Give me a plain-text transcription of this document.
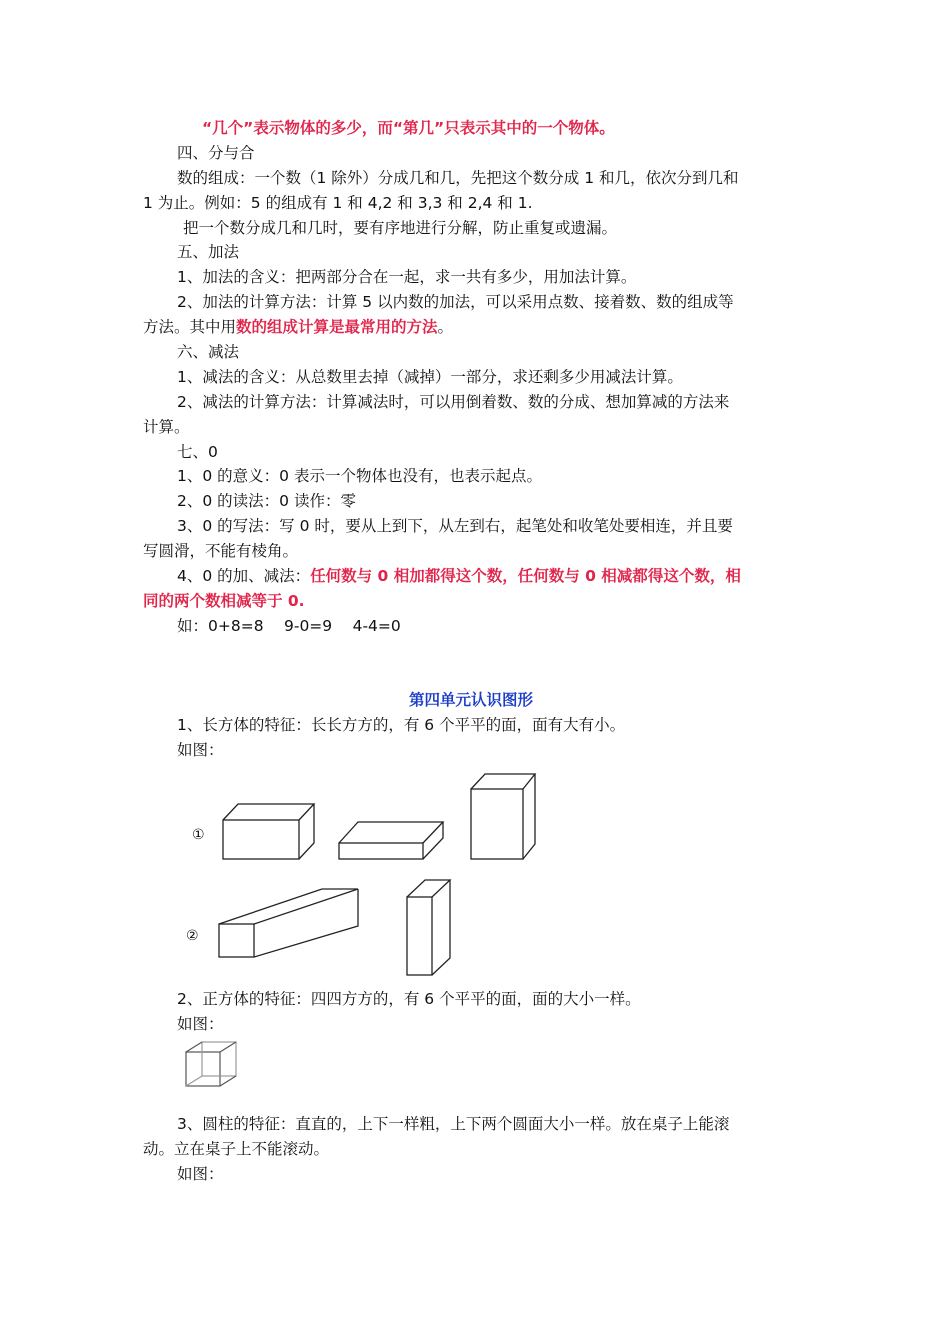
“几个”表示物体的多少，而“第几”只表示其中的一个物体。
四、分与合
数的组成：一个数（1 除外）分成几和几，先把这个数分成 1 和几，依次分到几和
1 为止。例如：5 的组成有 1 和 4,2 和 3,3 和 2,4 和 1.
把一个数分成几和几时，要有序地进行分解，防止重复或遗漏。
五、加法
1、加法的含义：把两部分合在一起，求一共有多少，用加法计算。
2、加法的计算方法：计算 5 以内数的加法，可以采用点数、接着数、数的组成等
方法。其中用数的组成计算是最常用的方法。
六、减法
1、减法的含义：从总数里去掉（减掉）一部分，求还剩多少用减法计算。
2、减法的计算方法：计算减法时，可以用倒着数、数的分成、想加算减的方法来
计算。
七、0
1、0 的意义：0 表示一个物体也没有，也表示起点。
2、0 的读法：0 读作：零
3、0 的写法：写 0 时，要从上到下，从左到右，起笔处和收笔处要相连，并且要
写圆滑，不能有棱角。
4、0 的加、减法：任何数与 0 相加都得这个数，任何数与 0 相减都得这个数，相
同的两个数相减等于 0.
如：0+8=8　 9-0=9　 4-4=0
第四单元认识图形
1、长方体的特征：长长方方的，有 6 个平平的面，面有大有小。
如图：
①
②
2、正方体的特征：四四方方的，有 6 个平平的面，面的大小一样。
如图：
3、圆柱的特征：直直的，上下一样粗，上下两个圆面大小一样。放在桌子上能滚
动。立在桌子上不能滚动。
如图：
